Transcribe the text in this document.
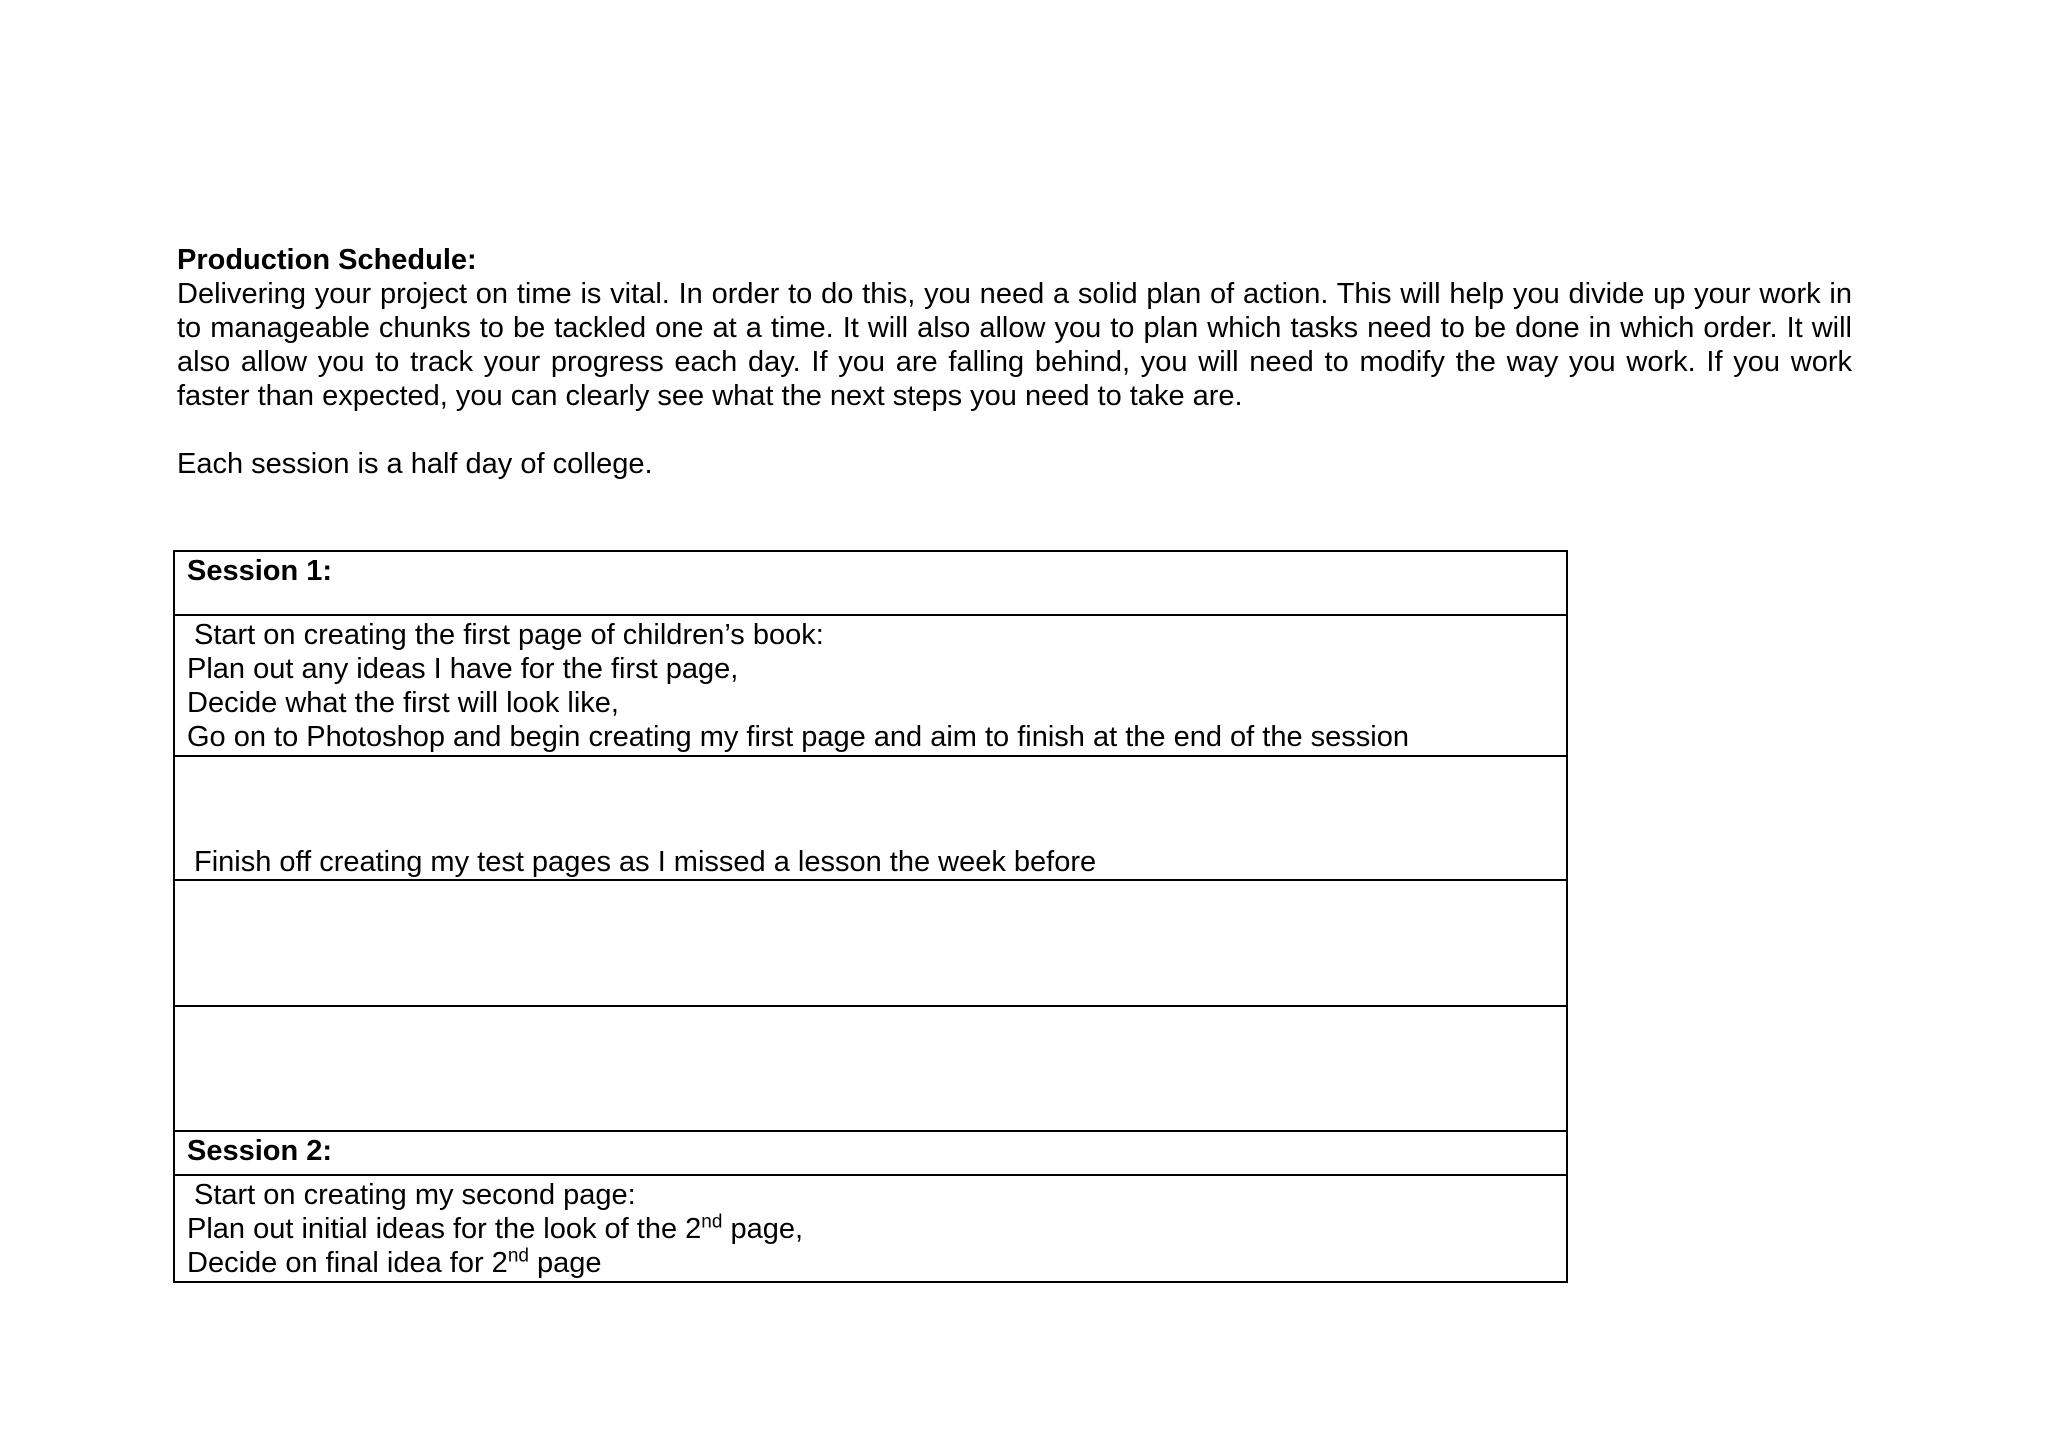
Production Schedule:
Delivering your project on time is vital. In order to do this, you need a solid plan of action. This will help you divide up your work in
to manageable chunks to be tackled one at a time. It will also allow you to plan which tasks need to be done in which order. It will
also allow you to track your progress each day. If you are falling behind, you will need to modify the way you work. If you work
faster than expected, you can clearly see what the next steps you need to take are.
Each session is a half day of college.
Session 1:

Start on creating the first page of children’s book:
Plan out any ideas I have for the first page,
Decide what the first will look like,
Go on to Photoshop and begin creating my first page and aim to finish at the end of the session

Finish off creating my test pages as I missed a lesson the week before

Session 2:

Start on creating my second page:
Plan out initial ideas for the look of the 2nd page,
Decide on final idea for 2nd page
